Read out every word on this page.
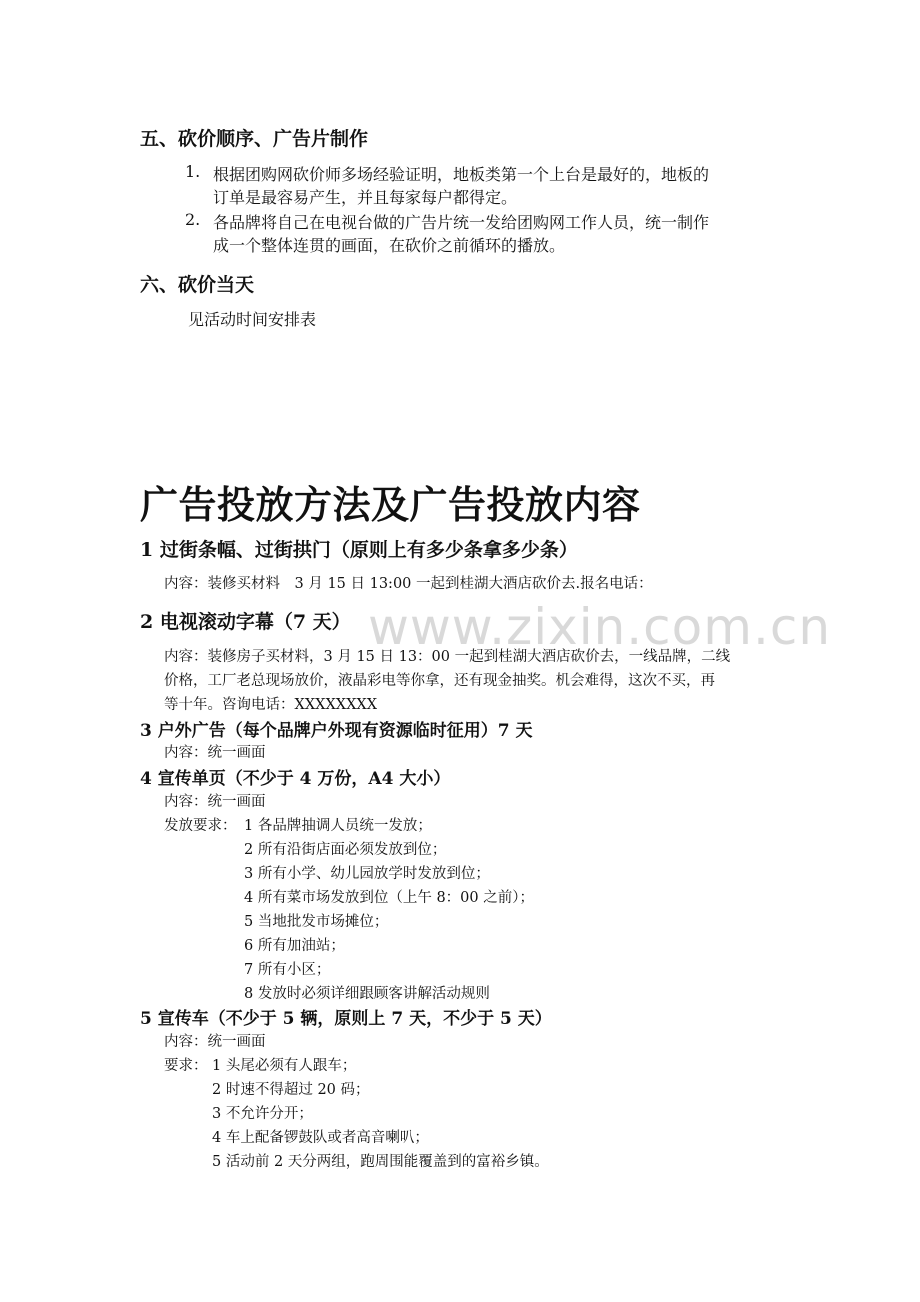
www.zixin.com.cn
五、砍价顺序、广告片制作
1. 根据团购网砍价师多场经验证明，地板类第一个上台是最好的，地板的
订单是最容易产生，并且每家每户都得定。
2. 各品牌将自己在电视台做的广告片统一发给团购网工作人员，统一制作
成一个整体连贯的画面，在砍价之前循环的播放。
六、砍价当天
见活动时间安排表
广告投放方法及广告投放内容
1 过街条幅、过街拱门（原则上有多少条拿多少条）
内容：装修买材料　3 月 15 日 13:00 一起到桂湖大酒店砍价去.报名电话：
2 电视滚动字幕（7 天）
内容：装修房子买材料，3 月 15 日 13：00 一起到桂湖大酒店砍价去，一线品牌，二线
价格，工厂老总现场放价，液晶彩电等你拿，还有现金抽奖。机会难得，这次不买，再
等十年。咨询电话：XXXXXXXX
3 户外广告（每个品牌户外现有资源临时征用）7 天
内容：统一画面
4 宣传单页（不少于 4 万份，A4 大小）
内容：统一画面
发放要求： 1 各品牌抽调人员统一发放；
2 所有沿街店面必须发放到位；
3 所有小学、幼儿园放学时发放到位；
4 所有菜市场发放到位（上午 8：00 之前）；
5 当地批发市场摊位；
6 所有加油站；
7 所有小区；
8 发放时必须详细跟顾客讲解活动规则
5 宣传车（不少于 5 辆，原则上 7 天，不少于 5 天）
内容：统一画面
要求： 1 头尾必须有人跟车；
2 时速不得超过 20 码；
3 不允许分开；
4 车上配备锣鼓队或者高音喇叭；
5 活动前 2 天分两组，跑周围能覆盖到的富裕乡镇。
